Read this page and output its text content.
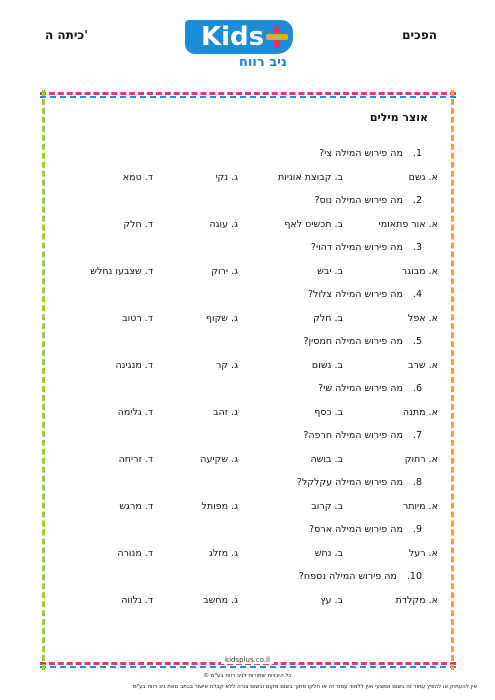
הפכים
כיתה ה'	Kids
ניב רווח
אוצר מילים
1.מה פירוש המילה צי?
א. גשם
ב. קבוצת אוניות
ג. נקי
ד. טמא
2.מה פירוש המילה נוס?
א. אור פתאומי
ב. תכשיט לאף
ג. עוגה
ד. חלק
3.מה פירוש המילה דהוי?
א. מבוגר
ב. יבש
ג. ירוק
ד. שצבעו נחלש
4.מה פירוש המילה צלול?
א. אפל
ב. חלק
ג. שקוף
ד. רטוב
5.מה פירוש המילה חמסין?
א. שרב
ב. גשום
ג. קר
ד. מנגינה
6.מה פירוש המילה שי?
א. מתנה
ב. כסף
ג. זהב
ד. גלימה
7.מה פירוש המילה חרפה?
א. רחוק
ב. בושה
ג. שקיעה
ד. זריחה
8.מה פירוש המילה עקלקל?
א. מיותר
ב. קרוב
ג. מפותל
ד. מרגש
9.מה פירוש המילה ארס?
א. רעל
ב. נחש
ג. מזלג
ד. מנורה
10.מה פירוש המילה נספח?
א. מקלדת
ב. עץ
ג. מחשב
ד. נלווה
kidsplus.co.il
כל הזכויות שמורות לניב רווח בע"מ ©
אין להעתיק או להפיץ עמוד זה בשום אמצעי ואין ללמוד עמוד זה או חלקו מתוך בשום מקום ובשום צורה ללא קבלת אישור בכתב מאת ניב רווח בע"מ
